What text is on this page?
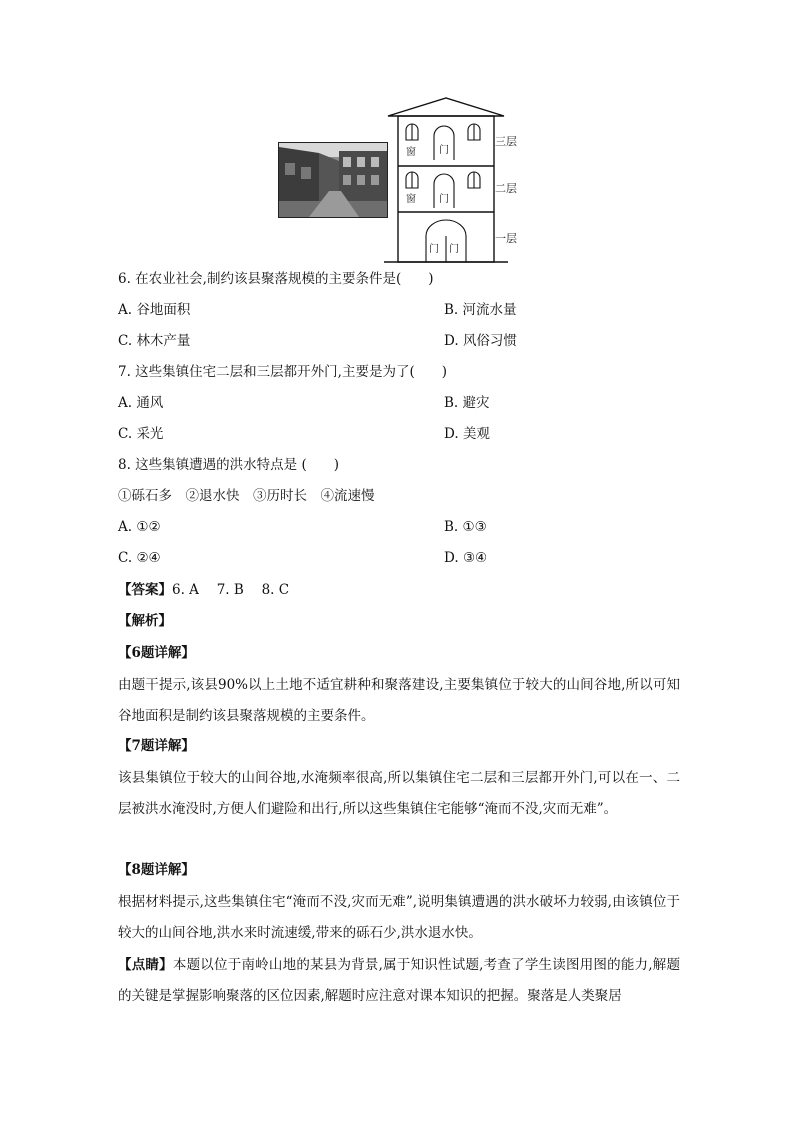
窗 门
窗 门
门 门
三层
二层
一层
6. 在农业社会,制约该县聚落规模的主要条件是(　　)
A. 谷地面积	B. 河流水量
C. 林木产量	D. 风俗习惯
7. 这些集镇住宅二层和三层都开外门,主要是为了(　　)
A. 通风	B. 避灾
C. 采光	D. 美观
8. 这些集镇遭遇的洪水特点是 (　　)
①砾石多　②退水快　③历时长　④流速慢
A. ①②	B. ①③
C. ②④	D. ③④
【答案】6. A　 7. B　 8. C
【解析】
【6题详解】
由题干提示,该县90%以上土地不适宜耕种和聚落建设,主要集镇位于较大的山间谷地,所以可知谷地面积是制约该县聚落规模的主要条件。
【7题详解】
该县集镇位于较大的山间谷地,水淹频率很高,所以集镇住宅二层和三层都开外门,可以在一、二层被洪水淹没时,方便人们避险和出行,所以这些集镇住宅能够“淹而不没,灾而无难”。
【8题详解】
根据材料提示,这些集镇住宅“淹而不没,灾而无难”,说明集镇遭遇的洪水破坏力较弱,由该镇位于较大的山间谷地,洪水来时流速缓,带来的砾石少,洪水退水快。
【点睛】本题以位于南岭山地的某县为背景,属于知识性试题,考查了学生读图用图的能力,解题的关键是掌握影响聚落的区位因素,解题时应注意对课本知识的把握。聚落是人类聚居
